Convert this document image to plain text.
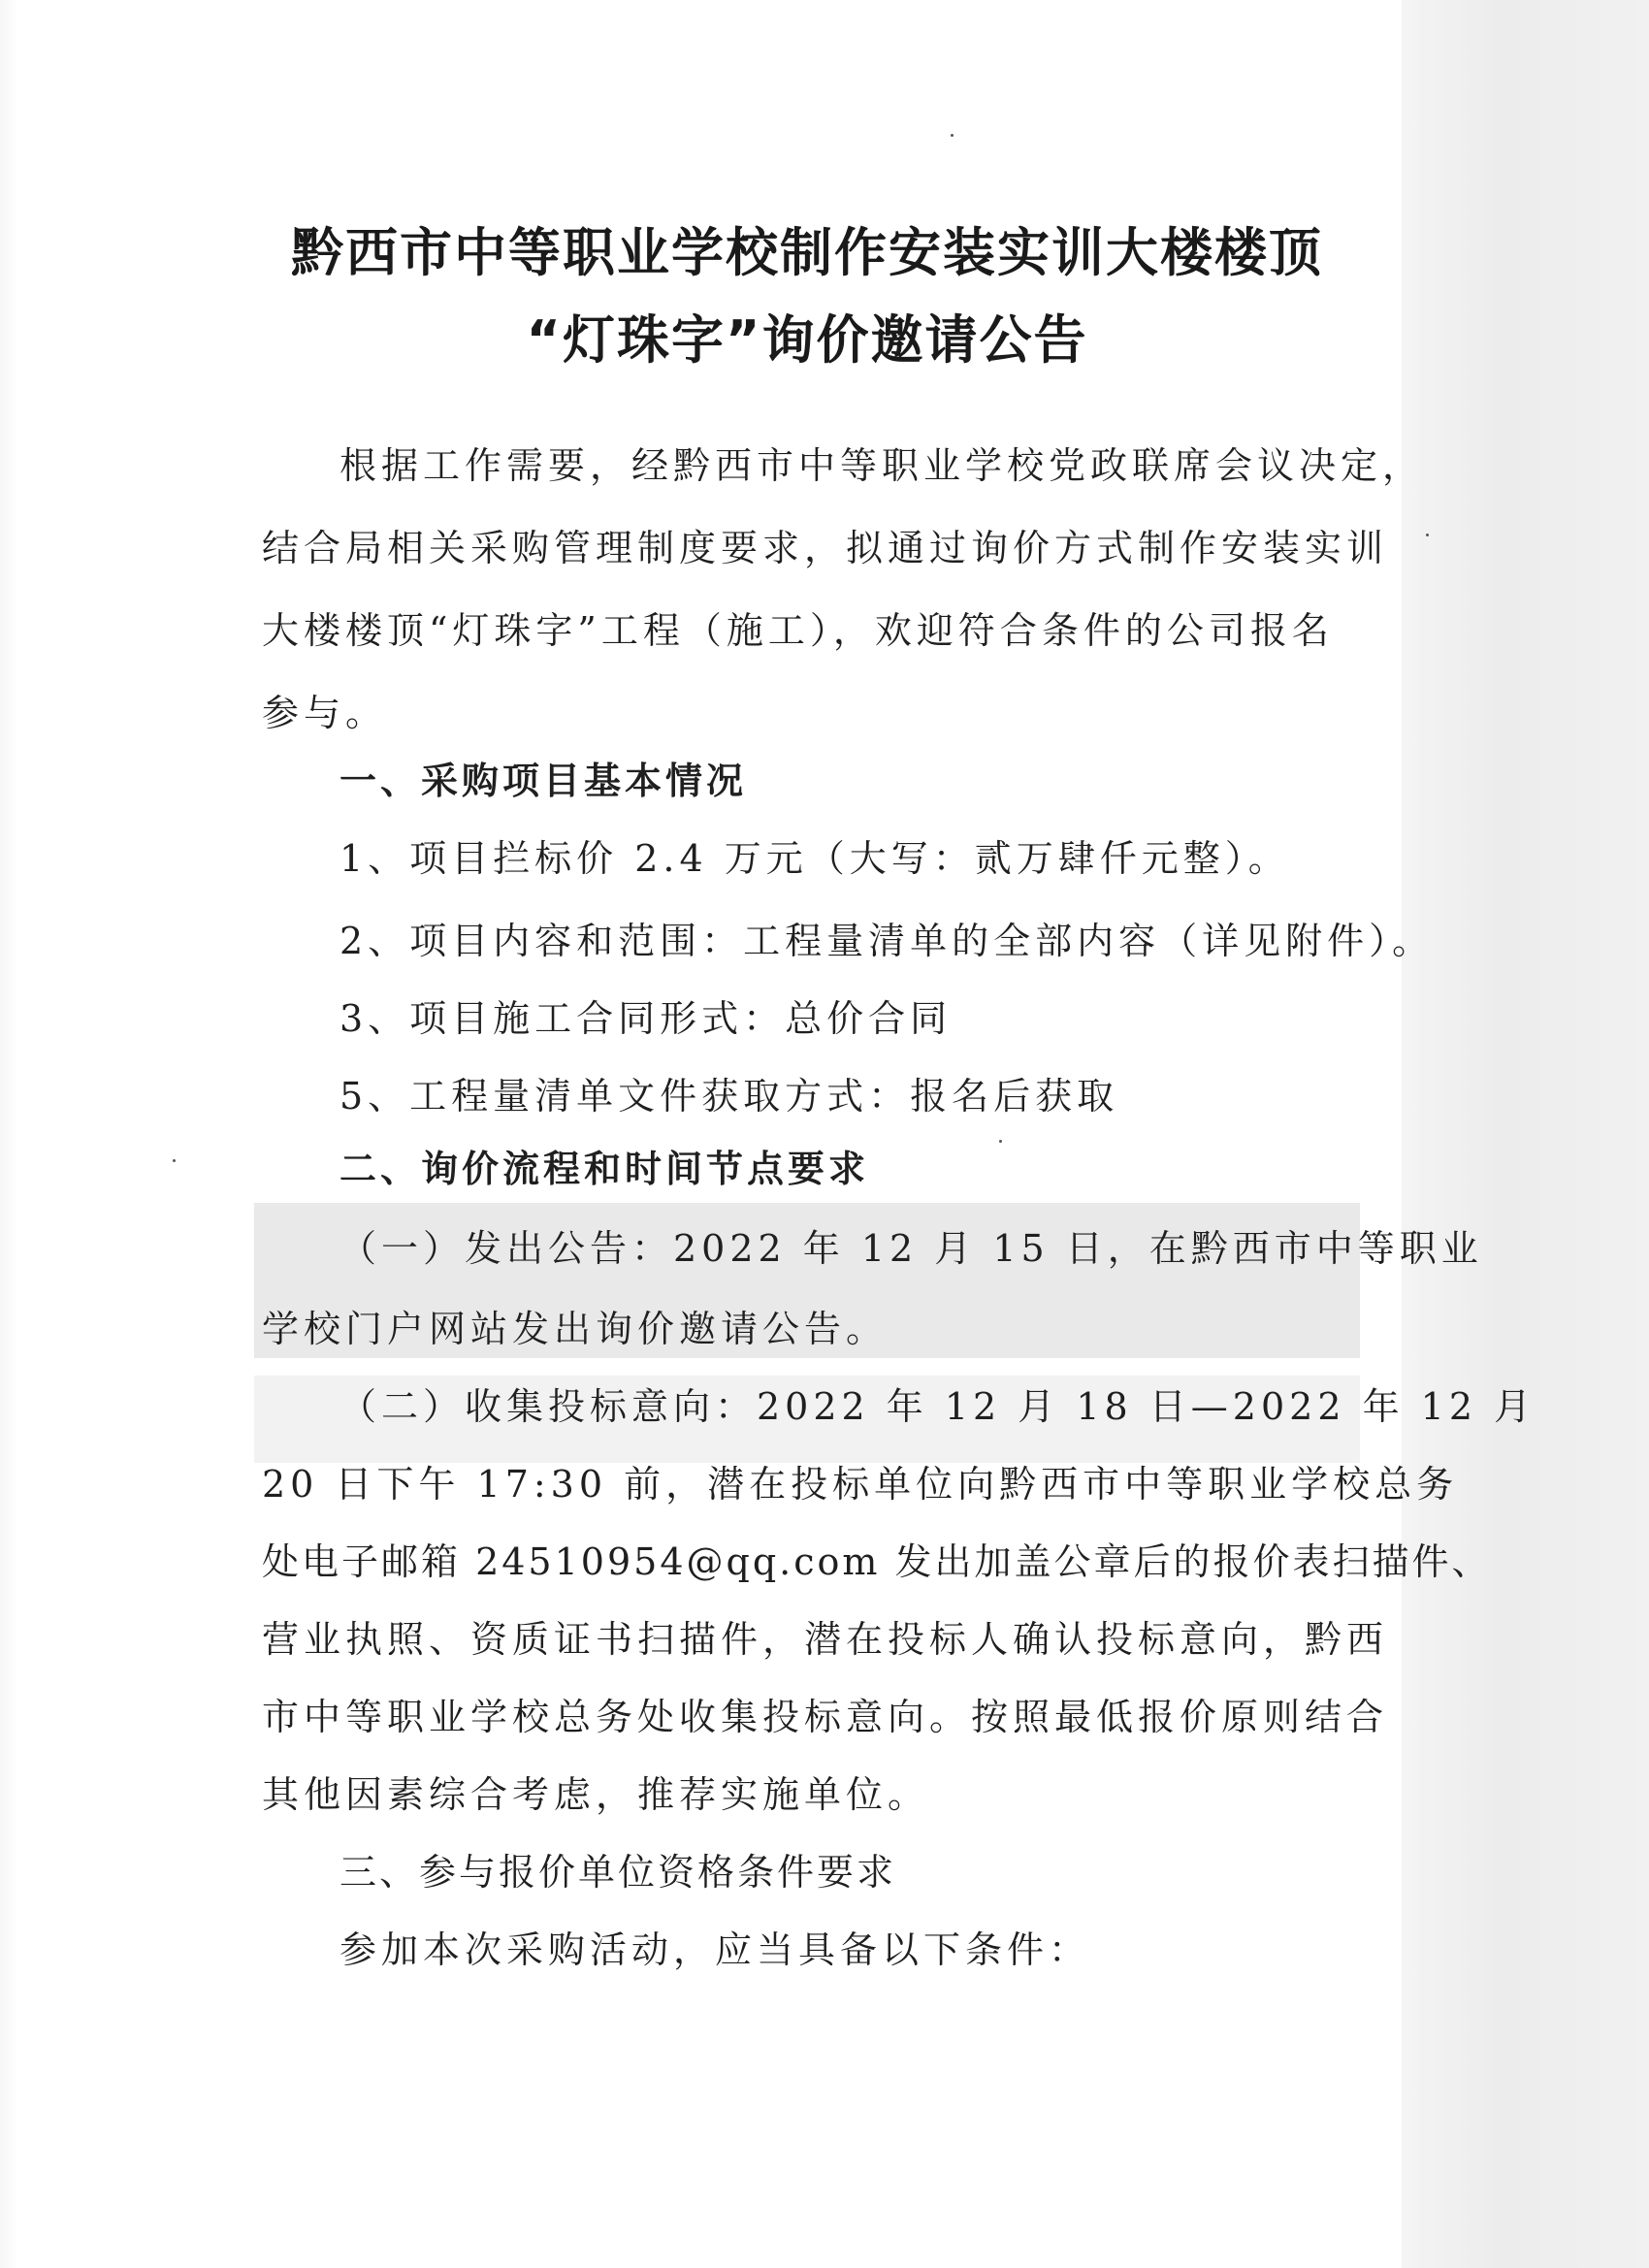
黔西市中等职业学校制作安装实训大楼楼顶
“灯珠字”询价邀请公告
根据工作需要，经黔西市中等职业学校党政联席会议决定，
结合局相关采购管理制度要求，拟通过询价方式制作安装实训
大楼楼顶“灯珠字”工程（施工），欢迎符合条件的公司报名
参与。
一、采购项目基本情况
1、项目拦标价 2.4 万元（大写：贰万肆仟元整）。
2、项目内容和范围：工程量清单的全部内容（详见附件）。
3、项目施工合同形式：总价合同
5、工程量清单文件获取方式：报名后获取
二、询价流程和时间节点要求
（一）发出公告：2022 年 12 月 15 日，在黔西市中等职业
学校门户网站发出询价邀请公告。
（二）收集投标意向：2022 年 12 月 18 日—2022 年 12 月
20 日下午 17:30 前，潜在投标单位向黔西市中等职业学校总务
处电子邮箱 24510954@qq.com 发出加盖公章后的报价表扫描件、
营业执照、资质证书扫描件，潜在投标人确认投标意向，黔西
市中等职业学校总务处收集投标意向。按照最低报价原则结合
其他因素综合考虑，推荐实施单位。
三、参与报价单位资格条件要求
参加本次采购活动，应当具备以下条件：
